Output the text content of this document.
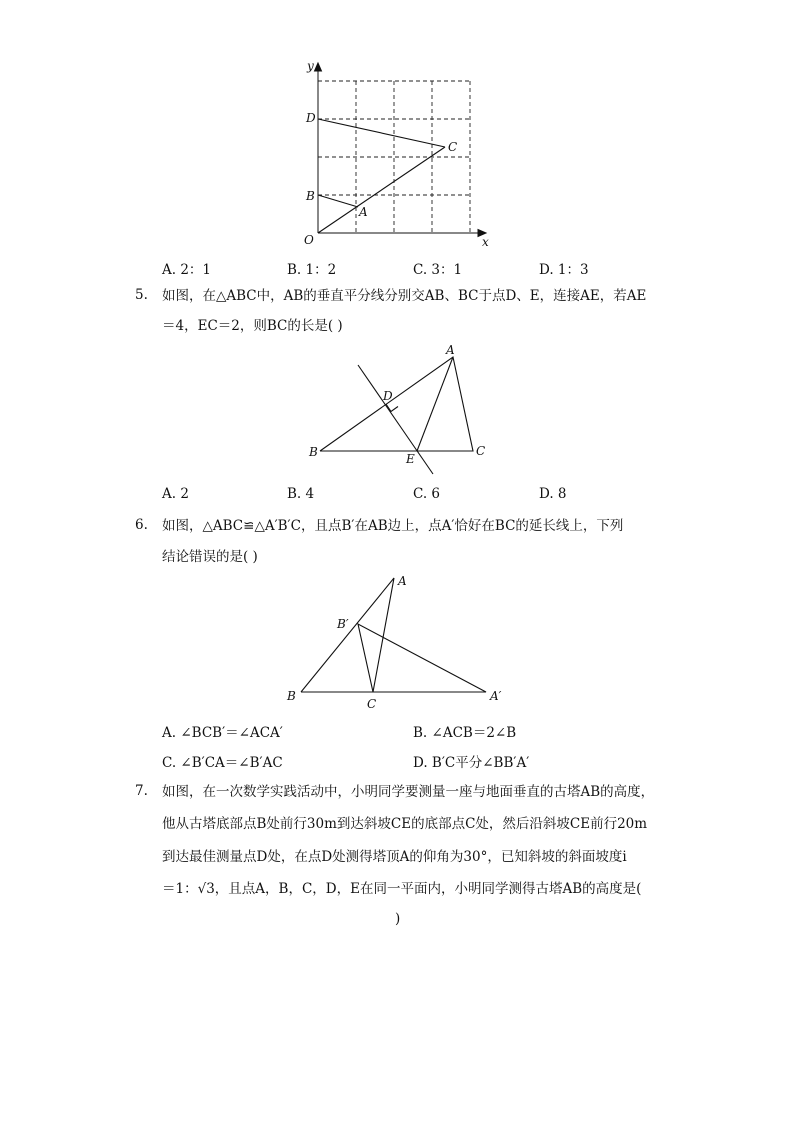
y
x
O
D
B
C
A
A. 2：1	B. 1：2	C. 3：1	D. 1：3
5. 如图，在△ABC中，AB的垂直平分线分别交AB、BC于点D、E，连接AE，若AE
＝4，EC＝2，则BC的长是( )
A
D
B	E
C
A. 2	B. 4	C. 6	D. 8
6. 如图，△ABC≌△A′B′C，且点B′在AB边上，点A′恰好在BC的延长线上，下列
结论错误的是( )
A
B′
B
C
A′
A. ∠BCB′＝∠ACA′	B. ∠ACB＝2∠B
C. ∠B′CA＝∠B′AC	D. B′C平分∠BB′A′
7. 如图，在一次数学实践活动中，小明同学要测量一座与地面垂直的古塔AB的高度，
他从古塔底部点B处前行30m到达斜坡CE的底部点C处，然后沿斜坡CE前行20m
到达最佳测量点D处，在点D处测得塔顶A的仰角为30°，已知斜坡的斜面坡度i
＝1：√3，且点A，B，C，D，E在同一平面内，小明同学测得古塔AB的高度是(
)
